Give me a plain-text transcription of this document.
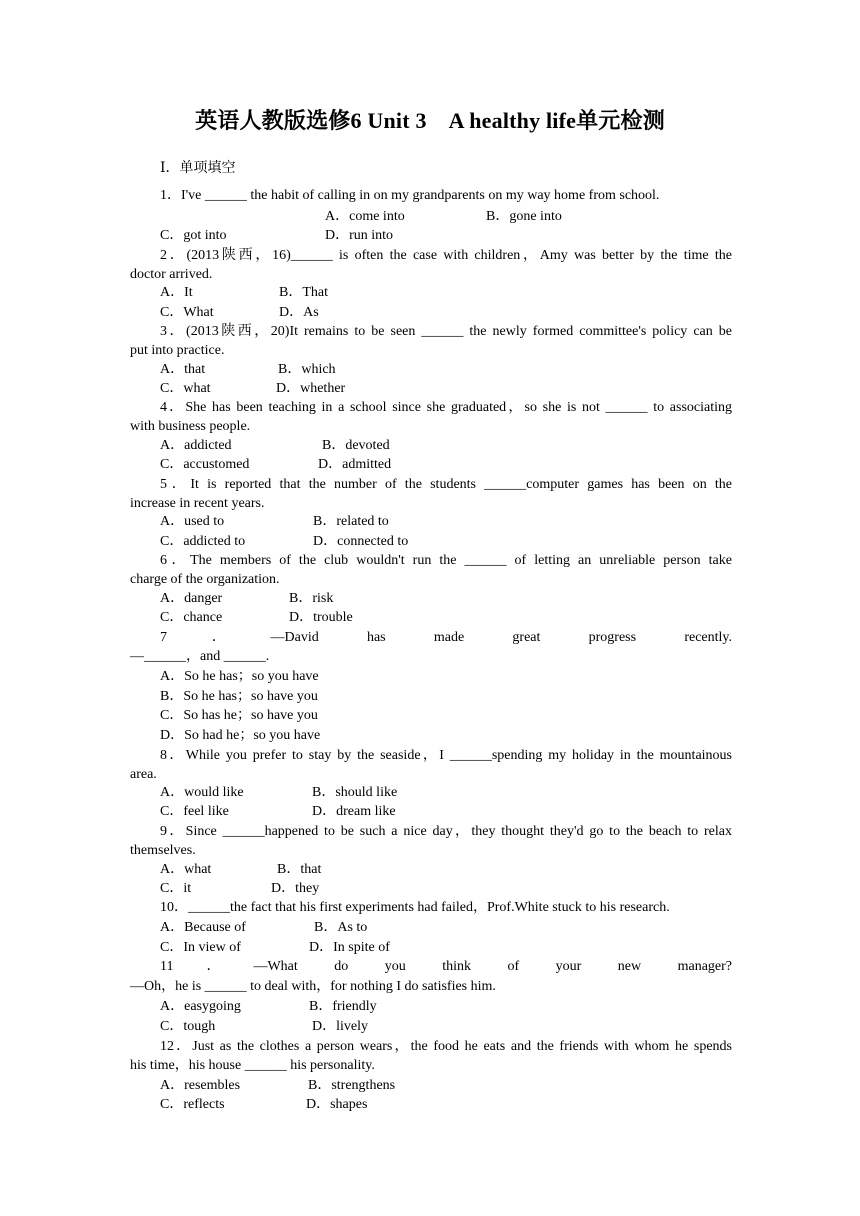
英语人教版选修6 Unit 3 A healthy life单元检测
Ⅰ．单项填空
1．I've ______ the habit of calling in on my grandparents on my way home from school.
A．come into	B．gone into
C．got into	D．run into
2．(2013陕西，16)______ is often the case with children，Amy was better by the time the
doctor arrived.
A．It	B．That
C．What	D．As
3．(2013陕西，20)It remains to be seen ______ the newly formed committee's policy can be
put into practice.
A．that	B．which
C．what	D．whether
4．She has been teaching in a school since she graduated，so she is not ______ to associating
with business people.
A．addicted	B．devoted
C．accustomed	D．admitted
5．It is reported that the number of the students ______computer games has been on the
increase in recent years.
A．used to	B．related to
C．addicted to	D．connected to
6．The members of the club wouldn't run the ______ of letting an unreliable person take
charge of the organization.
A．danger	B．risk
C．chance	D．trouble
7．—David has made great progress recently.
—______，and ______.
A．So he has；so you have
B．So he has；so have you
C．So has he；so have you
D．So had he；so you have
8．While you prefer to stay by the seaside，I ______spending my holiday in the mountainous
area.
A．would like	B．should like
C．feel like	D．dream like
9．Since ______happened to be such a nice day，they thought they'd go to the beach to relax
themselves.
A．what	B．that
C．it	D．they
10．______the fact that his first experiments had failed，Prof.White stuck to his research.
A．Because of	B．As to
C．In view of	D．In spite of
11．—What do you think of your new manager?
—Oh，he is ______ to deal with，for nothing I do satisfies him.
A．easygoing	B．friendly
C．tough	D．lively
12．Just as the clothes a person wears，the food he eats and the friends with whom he spends
his time，his house ______ his personality.
A．resembles	B．strengthens
C．reflects	D．shapes
